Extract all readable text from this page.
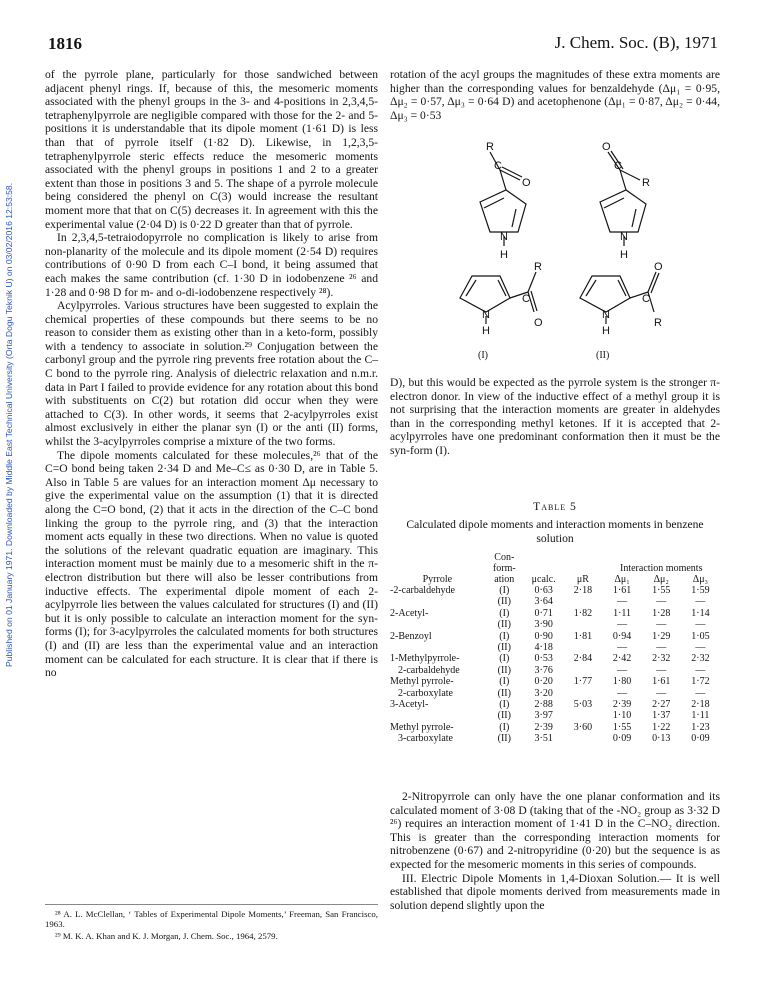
Published on 01 January 1971. Downloaded by Middle East Technical University (Orta Dogu Teknik U) on 03/02/2016 12:53:58.
1816	J. Chem. Soc. (B), 1971

of the pyrrole plane, particularly for those sandwiched between adjacent phenyl rings. If, because of this, the mesomeric moments associated with the phenyl groups in the 3- and 4-positions in 2,3,4,5-tetraphenylpyrrole are negligible compared with those for the 2- and 5-positions it is understandable that its dipole moment (1·61 D) is less than that of pyrrole itself (1·82 D). Likewise, in 1,2,3,5-tetraphenylpyrrole steric effects reduce the mesomeric moments associated with the phenyl groups in positions 1 and 2 to a greater extent than those in positions 3 and 5. The shape of a pyrrole molecule being considered the phenyl on C(3) would increase the resultant moment more that that on C(5) decreases it. In agreement with this the experimental value (2·04 D) is 0·22 D greater than that of pyrrole.

In 2,3,4,5-tetraiodopyrrole no complication is likely to arise from non-planarity of the molecule and its dipole moment (2·54 D) requires contributions of 0·90 D from each C–I bond, it being assumed that each makes the same contribution (cf. 1·30 D in iodobenzene ²⁶ and 1·28 and 0·98 D for m- and o-di-iodobenzene respectively ²⁸).

Acylpyrroles. Various structures have been suggested to explain the chemical properties of these compounds but there seems to be no reason to consider them as existing other than in a keto-form, possibly with a tendency to associate in solution.²⁹ Conjugation between the carbonyl group and the pyrrole ring prevents free rotation about the C–C bond to the pyrrole ring. Analysis of dielectric relaxation and n.m.r. data in Part I failed to provide evidence for any rotation about this bond with substituents on C(2) but rotation did occur when they were attached to C(3). In other words, it seems that 2-acylpyrroles exist almost exclusively in either the planar syn (I) or the anti (II) forms, whilst the 3-acylpyrroles comprise a mixture of the two forms.

The dipole moments calculated for these molecules,²⁶ that of the C=O bond being taken 2·34 D and Me–C≤ as 0·30 D, are in Table 5. Also in Table 5 are values for an interaction moment Δμ necessary to give the experimental value on the assumption (1) that it is directed along the C=O bond, (2) that it acts in the direction of the C–C bond linking the group to the pyrrole ring, and (3) that the interaction moment acts equally in these two directions. When no value is quoted the solutions of the relevant quadratic equation are imaginary. This interaction moment must be mainly due to a mesomeric shift in the π-electron distribution but there will also be lesser contributions from inductive effects. The experimental dipole moment of each 2-acylpyrrole lies between the values calculated for structures (I) and (II) but it is only possible to calculate an interaction moment for the syn-forms (I); for 3-acylpyrroles the calculated moments for both structures (I) and (II) are less than the experimental value and an interaction moment can be calculated for each structure. It is clear that if there is no

²⁸ A. L. McClellan, ‘ Tables of Experimental Dipole Moments,’ Freeman, San Francisco, 1963.

²⁹ M. K. A. Khan and K. J. Morgan, J. Chem. Soc., 1964, 2579.

rotation of the acyl groups the magnitudes of these extra moments are higher than the corresponding values for benzaldehyde (Δμ₁ = 0·95, Δμ₂ = 0·57, Δμ₃ = 0·64 D) and acetophenone (Δμ₁ = 0·87, Δμ₂ = 0·44, Δμ₃ = 0·53

R
C
O
N
H
O
C
R
N
H
R
C
O
N
H
O
C
R
N
H
(I)	(II)

D), but this would be expected as the pyrrole system is the stronger π-electron donor. In view of the inductive effect of a methyl group it is not surprising that the interaction moments are greater in aldehydes than in the corresponding methyl ketones. If it is accepted that 2-acylpyrroles have one predominant conformation then it must be the syn-form (I).

Table 5
Calculated dipole moments and interaction moments in benzene solution
	Con-					
	form-			Interaction moments		
Pyrrole	ation	μcalc.	μR	Δμ₁	Δμ₂	Δμ₃
-2-carbaldehyde	(I)	0·63	2·18	1·61	1·55	1·59
	(II)	3·64		—	—	—
2-Acetyl-	(I)	0·71	1·82	1·11	1·28	1·14
	(II)	3·90		—	—	—
2-Benzoyl	(I)	0·90	1·81	0·94	1·29	1·05
	(II)	4·18		—	—	—
1-Methylpyrrole-	(I)	0·53	2·84	2·42	2·32	2·32
2-carbaldehyde	(II)	3·76		—	—	—
Methyl pyrrole-	(I)	0·20	1·77	1·80	1·61	1·72
2-carboxylate	(II)	3·20		—	—	—
3-Acetyl-	(I)	2·88	5·03	2·39	2·27	2·18
	(II)	3·97		1·10	1·37	1·11
Methyl pyrrole-	(I)	2·39	3·60	1·55	1·22	1·23
3-carboxylate	(II)	3·51		0·09	0·13	0·09

2-Nitropyrrole can only have the one planar conformation and its calculated moment of 3·08 D (taking that of the -NO₂ group as 3·32 D ²⁶) requires an interaction moment of 1·41 D in the C–NO₂ direction. This is greater than the corresponding interaction moments for nitrobenzene (0·67) and 2-nitropyridine (0·20) but the sequence is as expected for the mesomeric moments in this series of compounds.

III. Electric Dipole Moments in 1,4-Dioxan Solution.— It is well established that dipole moments derived from measurements made in solution depend slightly upon the
